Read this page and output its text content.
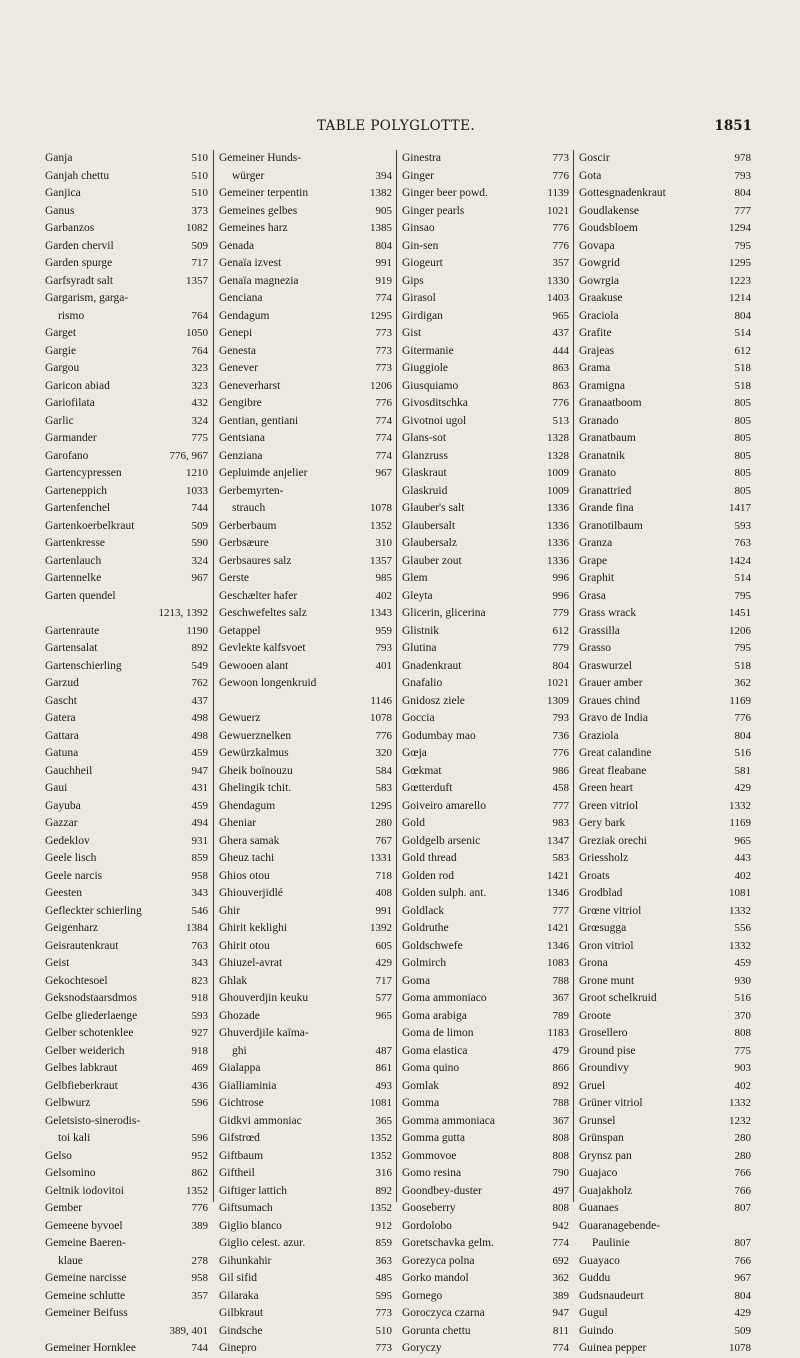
TABLE POLYGLOTTE.	1851
Ganja	510
Ganjah chettu	510
Ganjica	510
Ganus	373
Garbanzos	1082
Garden chervil	509
Garden spurge	717
Garfsyradt salt	1357
Gargarism, garga-
rismo	764
Garget	1050
Gargie	764
Gargou	323
Garicon abiad	323
Gariofilata	432
Garlic	324
Garmander	775
Garofano	776, 967
Gartencypressen	1210
Garteneppich	1033
Gartenfenchel	744
Gartenkoerbelkraut	509
Gartenkresse	590
Gartenlauch	324
Gartennelke	967
Garten quendel
1213, 1392
Gartenraute	1190
Gartensalat	892
Gartenschierling	549
Garzud	762
Gascht	437
Gatera	498
Gattara	498
Gatuna	459
Gauchheil	947
Gaui	431
Gayuba	459
Gazzar	494
Gedeklov	931
Geele lisch	859
Geele narcis	958
Geesten	343
Gefleckter schierling	546
Geigenharz	1384
Geisrautenkraut	763
Geist	343
Gekochtesoel	823
Geksnodstaarsdmos	918
Gelbe gliederlaenge	593
Gelber schotenklee	927
Gelber weiderich	918
Gelbes labkraut	469
Gelbfieberkraut	436
Gelbwurz	596
Geletsisto-sinerodis-
toi kali	596
Gelso	952
Gelsomino	862
Geltnik iodovitoi	1352
Gember	776
Gemeene byvoel	389
Gemeine Baeren-
klaue	278
Gemeine narcisse	958
Gemeine schlutte	357
Gemeiner Beifuss
389, 401
Gemeiner Hornklee	744
Gemeiner Hunds-
würger	394
Gemeiner terpentin	1382
Gemeines gelbes	905
Gemeines harz	1385
Genada	804
Genaïa izvest	991
Genaïa magnezia	919
Genciana	774
Gendagum	1295
Genepi	773
Genesta	773
Genever	773
Geneverharst	1206
Gengibre	776
Gentian, gentiani	774
Gentsiana	774
Genziana	774
Gepluimde anjelier	967
Gerbemyrten-
strauch	1078
Gerberbaum	1352
Gerbsæure	310
Gerbsaures salz	1357
Gerste	985
Geschælter hafer	402
Geschwefeltes salz	1343
Getappel	959
Gevlekte kalfsvoet	793
Gewooen alant	401
Gewoon longenkruid
1146
Gewuerz	1078
Gewuerznelken	776
Gewürzkalmus	320
Gheik boïnouzu	584
Ghelingik tchit.	583
Ghendagum	1295
Gheniar	280
Ghera samak	767
Gheuz tachi	1331
Ghios otou	718
Ghiouverjidlé	408
Ghir	991
Ghirit keklighi	1392
Ghirit otou	605
Ghiuzel-avrat	429
Ghlak	717
Ghouverdjin keuku	577
Ghozade	965
Ghuverdjile kaïma-
ghi	487
Gialappa	861
Gialliaminia	493
Gichtrose	1081
Gidkvi ammoniac	365
Gifstrœd	1352
Giftbaum	1352
Giftheil	316
Giftiger lattich	892
Giftsumach	1352
Giglio blanco	912
Giglio celest. azur.	859
Gihunkahir	363
Gil sifid	485
Gilaraka	595
Gilbkraut	773
Gindsche	510
Ginepro	773
Ginestra	773
Ginger	776
Ginger beer powd.	1139
Ginger pearls	1021
Ginsao	776
Gin-sen	776
Giogeurt	357
Gips	1330
Girasol	1403
Girdigan	965
Gist	437
Gitermanie	444
Giuggiole	863
Giusquiamo	863
Givosditschka	776
Givotnoi ugol	513
Glans-sot	1328
Glanzruss	1328
Glaskraut	1009
Glaskruid	1009
Glauber's salt	1336
Glaubersalt	1336
Glaubersalz	1336
Glauber zout	1336
Glem	996
Gleyta	996
Glicerin, glicerina	779
Glistnik	612
Glutina	779
Gnadenkraut	804
Gnafalio	1021
Gnidosz ziele	1309
Goccia	793
Godumbay mao	736
Gœja	776
Gœkmat	986
Gœtterduft	458
Goiveiro amarello	777
Gold	983
Goldgelb arsenic	1347
Gold thread	583
Golden rod	1421
Golden sulph. ant.	1346
Goldlack	777
Goldruthe	1421
Goldschwefe	1346
Golmirch	1083
Goma	788
Goma ammoniaco	367
Goma arabiga	789
Goma de limon	1183
Goma elastica	479
Goma quino	866
Gomlak	892
Gomma	788
Gomma ammoniaca	367
Gomma gutta	808
Gommovoe	808
Gomo resina	790
Goondbey-duster	497
Gooseberry	808
Gordolobo	942
Goretschavka gelm.	774
Gorezyca polna	692
Gorko mandol	362
Gornego	389
Goroczyca czarna	947
Gorunta chettu	811
Goryczy	774
Goscir	978
Gota	793
Gottesgnadenkraut	804
Goudlakense	777
Goudsbloem	1294
Govapa	795
Gowgrid	1295
Gowrgia	1223
Graakuse	1214
Graciola	804
Grafite	514
Grajeas	612
Grama	518
Gramigna	518
Granaatboom	805
Granado	805
Granatbaum	805
Granatnik	805
Granato	805
Granattried	805
Grande fina	1417
Granotilbaum	593
Granza	763
Grape	1424
Graphit	514
Grasa	795
Grass wrack	1451
Grassilla	1206
Grasso	795
Graswurzel	518
Grauer amber	362
Graues chind	1169
Gravo de India	776
Graziola	804
Great calandine	516
Great fleabane	581
Green heart	429
Green vitriol	1332
Gery bark	1169
Greziak orechi	965
Griessholz	443
Groats	402
Grodblad	1081
Grœne vitriol	1332
Grœsugga	556
Gron vitriol	1332
Grona	459
Grone munt	930
Groot schelkruid	516
Groote	370
Grosellero	808
Ground pise	775
Groundivy	903
Gruel	402
Grüner vitriol	1332
Grunsel	1232
Grünspan	280
Grynsz pan	280
Guajaco	766
Guajakholz	766
Guanaes	807
Guaranagebende-
Paulinie	807
Guayaco	766
Guddu	967
Gudsnaudeurt	804
Gugul	429
Guindo	509
Guinea pepper	1078
